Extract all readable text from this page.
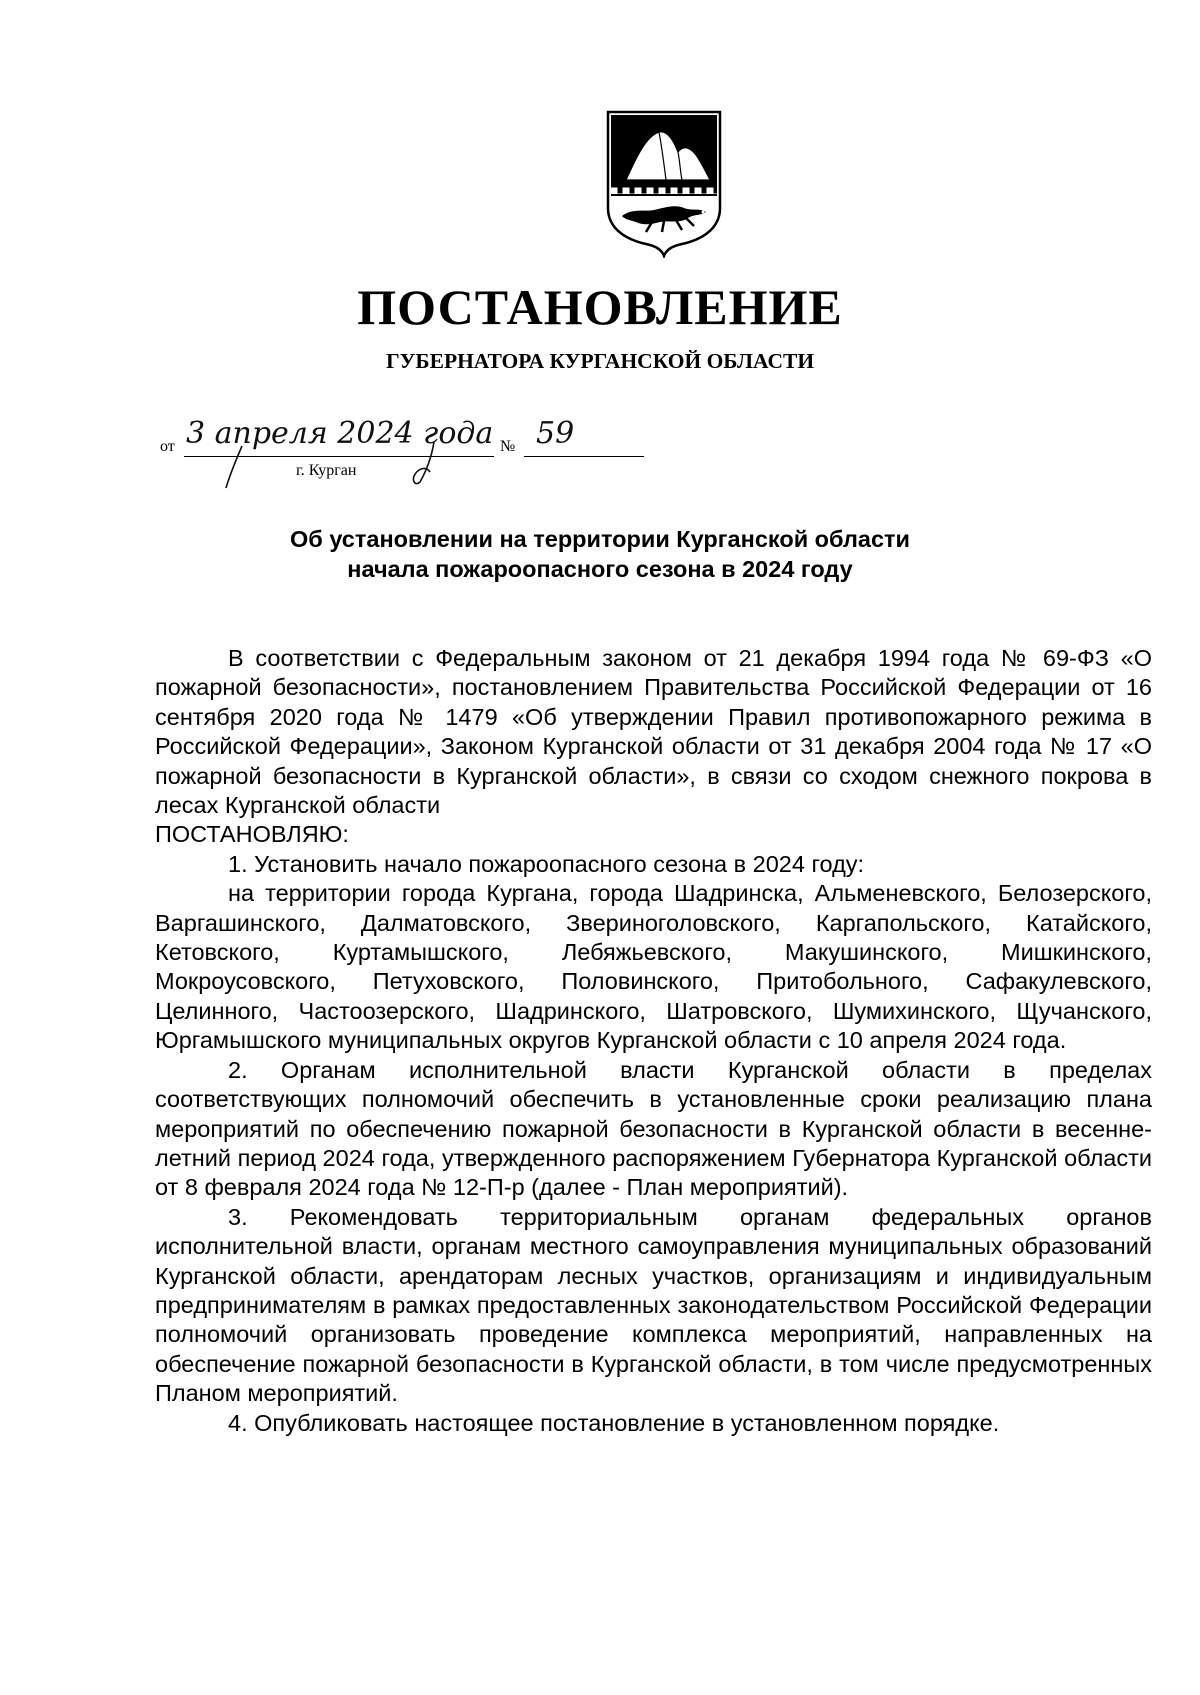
ПОСТАНОВЛЕНИЕ
ГУБЕРНАТОРА КУРГАНСКОЙ ОБЛАСТИ
от 3 апреля 2024 года № 59
г. Курган
Об установлении на территории Курганской области
начала пожароопасного сезона в 2024 году

В соответствии с Федеральным законом от 21 декабря 1994 года № 69-ФЗ «О пожарной безопасности», постановлением Правительства Российской Федерации от 16 сентября 2020 года № 1479 «Об утверждении Правил противопожарного режима в Российской Федерации», Законом Курганской области от 31 декабря 2004 года № 17 «О пожарной безопасности в Курганской области», в связи со сходом снежного покрова в лесах Курганской области

ПОСТАНОВЛЯЮ:

1. Установить начало пожароопасного сезона в 2024 году:

на территории города Кургана, города Шадринска, Альменевского, Белозерского, Варгашинского, Далматовского, Звериноголовского, Каргапольского, Катайского, Кетовского, Куртамышского, Лебяжьевского, Макушинского, Мишкинского, Мокроусовского, Петуховского, Половинского, Притобольного, Сафакулевского, Целинного, Частоозерского, Шадринского, Шатровского, Шумихинского, Щучанского, Юргамышского муниципальных округов Курганской области с 10 апреля 2024 года.

2. Органам исполнительной власти Курганской области в пределах соответствующих полномочий обеспечить в установленные сроки реализацию плана мероприятий по обеспечению пожарной безопасности в Курганской области в весенне-летний период 2024 года, утвержденного распоряжением Губернатора Курганской области от 8 февраля 2024 года № 12-П-р (далее - План мероприятий).

3. Рекомендовать территориальным органам федеральных органов исполнительной власти, органам местного самоуправления муниципальных образований Курганской области, арендаторам лесных участков, организациям и индивидуальным предпринимателям в рамках предоставленных законодательством Российской Федерации полномочий организовать проведение комплекса мероприятий, направленных на обеспечение пожарной безопасности в Курганской области, в том числе предусмотренных Планом мероприятий.

4. Опубликовать настоящее постановление в установленном порядке.
